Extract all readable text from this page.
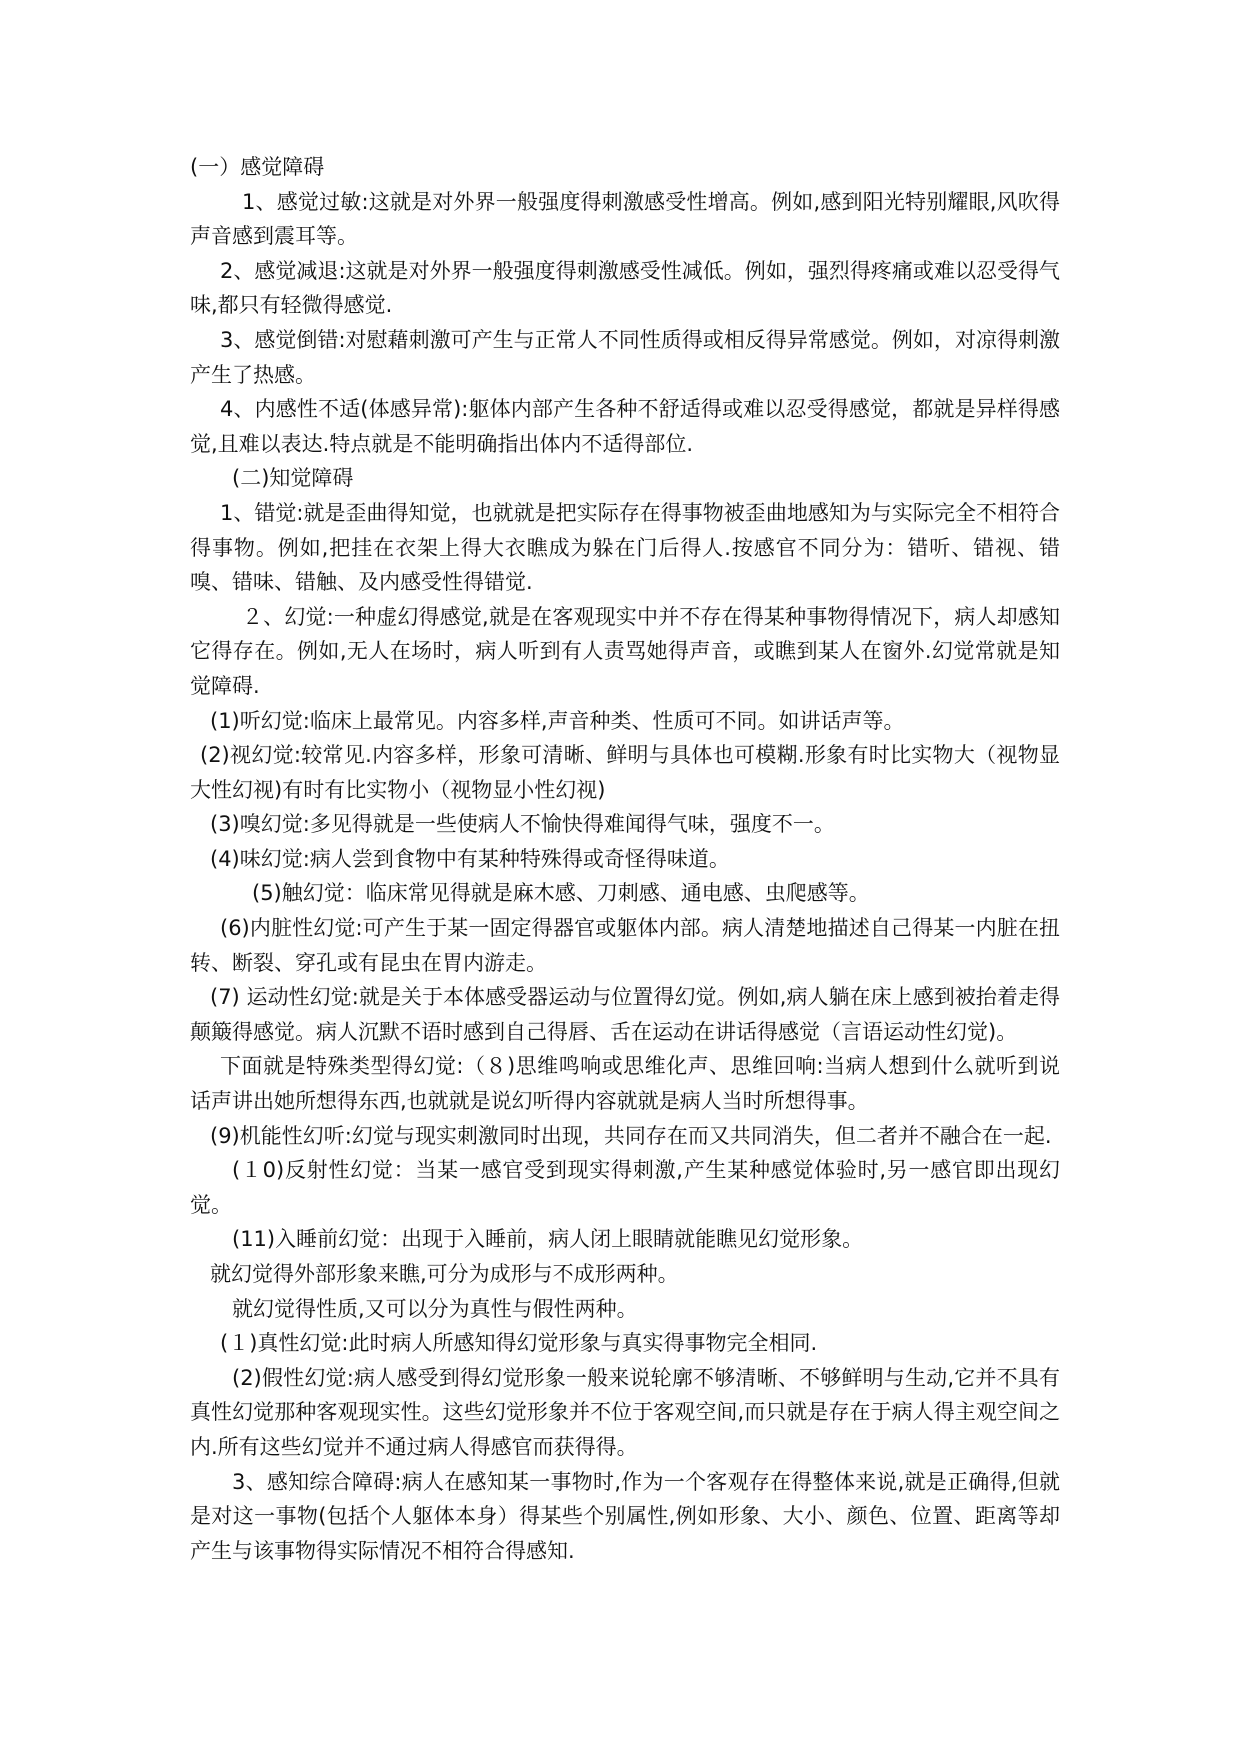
(一）感觉障碍

1、感觉过敏:这就是对外界一般强度得刺激感受性增高。例如,感到阳光特别耀眼,风吹得声音感到震耳等。

2、感觉减退:这就是对外界一般强度得刺激感受性减低。例如，强烈得疼痛或难以忍受得气味,都只有轻微得感觉.

3、感觉倒错:对慰藉刺激可产生与正常人不同性质得或相反得异常感觉。例如，对凉得刺激产生了热感。

4、内感性不适(体感异常):躯体内部产生各种不舒适得或难以忍受得感觉，都就是异样得感觉,且难以表达.特点就是不能明确指出体内不适得部位.

(二)知觉障碍

1、错觉:就是歪曲得知觉，也就就是把实际存在得事物被歪曲地感知为与实际完全不相符合得事物。例如,把挂在衣架上得大衣瞧成为躲在门后得人.按感官不同分为：错听、错视、错嗅、错味、错触、及内感受性得错觉.

２、幻觉:一种虚幻得感觉,就是在客观现实中并不存在得某种事物得情况下，病人却感知它得存在。例如,无人在场时，病人听到有人责骂她得声音，或瞧到某人在窗外.幻觉常就是知觉障碍.

(1)听幻觉:临床上最常见。内容多样,声音种类、性质可不同。如讲话声等。

(2)视幻觉:较常见.内容多样，形象可清晰、鲜明与具体也可模糊.形象有时比实物大（视物显大性幻视)有时有比实物小（视物显小性幻视)

(3)嗅幻觉:多见得就是一些使病人不愉快得难闻得气味，强度不一。

(4)味幻觉:病人尝到食物中有某种特殊得或奇怪得味道。

(5)触幻觉：临床常见得就是麻木感、刀刺感、通电感、虫爬感等。

(6)内脏性幻觉:可产生于某一固定得器官或躯体内部。病人清楚地描述自己得某一内脏在扭转、断裂、穿孔或有昆虫在胃内游走。

(7) 运动性幻觉:就是关于本体感受器运动与位置得幻觉。例如,病人躺在床上感到被抬着走得颠簸得感觉。病人沉默不语时感到自己得唇、舌在运动在讲话得感觉（言语运动性幻觉)。

下面就是特殊类型得幻觉:（８)思维鸣响或思维化声、思维回响:当病人想到什么就听到说话声讲出她所想得东西,也就就是说幻听得内容就就是病人当时所想得事。

(9)机能性幻听:幻觉与现实刺激同时出现，共同存在而又共同消失，但二者并不融合在一起.

(１0)反射性幻觉：当某一感官受到现实得刺激,产生某种感觉体验时,另一感官即出现幻觉。

(11)入睡前幻觉：出现于入睡前，病人闭上眼睛就能瞧见幻觉形象。

就幻觉得外部形象来瞧,可分为成形与不成形两种。

就幻觉得性质,又可以分为真性与假性两种。

(１)真性幻觉:此时病人所感知得幻觉形象与真实得事物完全相同.

(2)假性幻觉:病人感受到得幻觉形象一般来说轮廓不够清晰、不够鲜明与生动,它并不具有真性幻觉那种客观现实性。这些幻觉形象并不位于客观空间,而只就是存在于病人得主观空间之内.所有这些幻觉并不通过病人得感官而获得得。

3、感知综合障碍:病人在感知某一事物时,作为一个客观存在得整体来说,就是正确得,但就是对这一事物(包括个人躯体本身）得某些个别属性,例如形象、大小、颜色、位置、距离等却产生与该事物得实际情况不相符合得感知.
